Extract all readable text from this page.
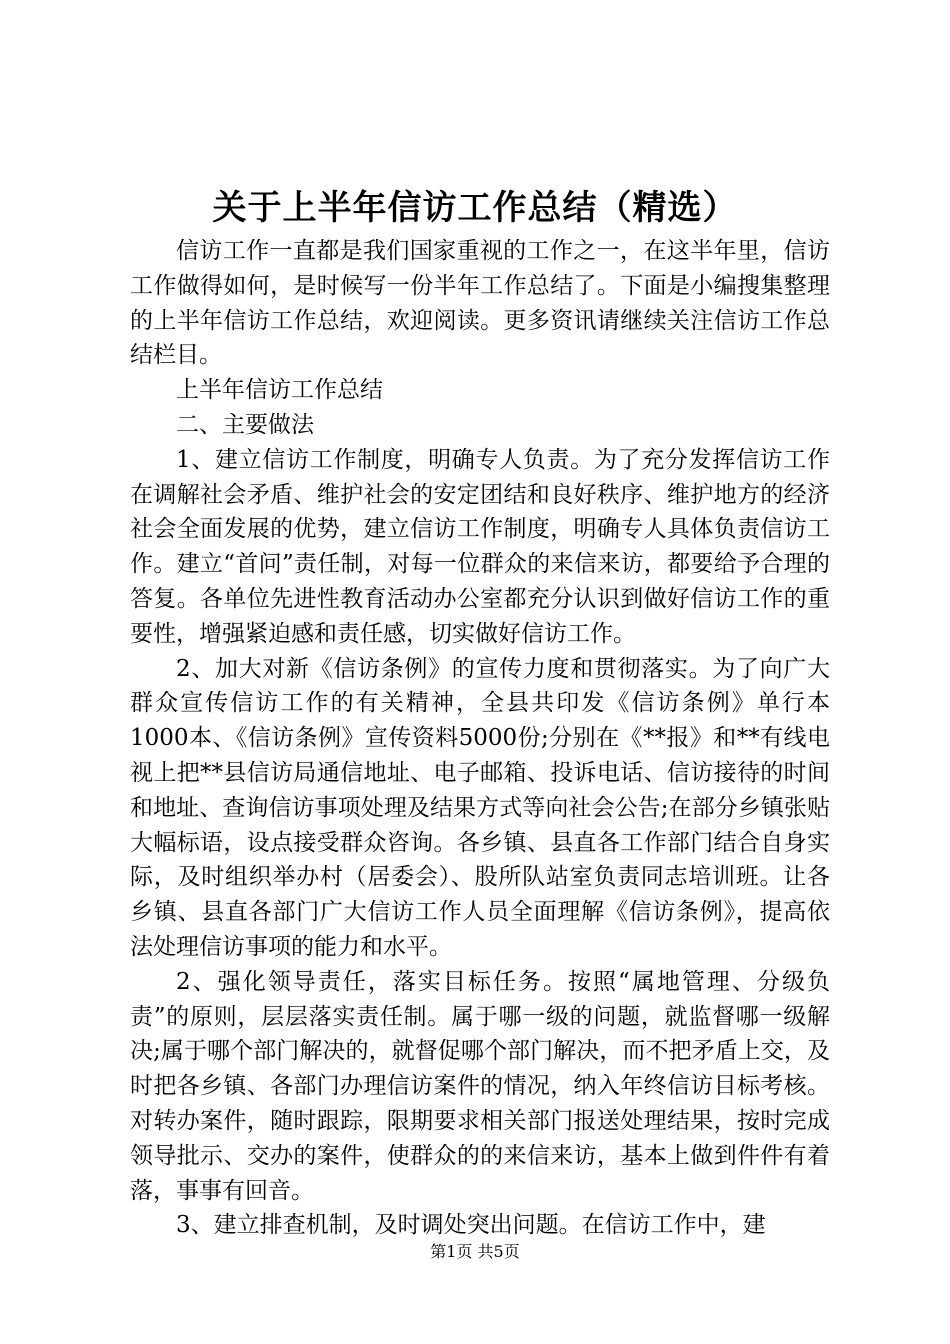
关于上半年信访工作总结（精选）

信访工作一直都是我们国家重视的工作之一，在这半年里，信访工作做得如何，是时候写一份半年工作总结了。下面是小编搜集整理的上半年信访工作总结，欢迎阅读。更多资讯请继续关注信访工作总结栏目。

上半年信访工作总结

二、主要做法

1、建立信访工作制度，明确专人负责。为了充分发挥信访工作在调解社会矛盾、维护社会的安定团结和良好秩序、维护地方的经济社会全面发展的优势，建立信访工作制度，明确专人具体负责信访工作。建立“首问”责任制，对每一位群众的来信来访，都要给予合理的答复。各单位先进性教育活动办公室都充分认识到做好信访工作的重要性，增强紧迫感和责任感，切实做好信访工作。

2、加大对新《信访条例》的宣传力度和贯彻落实。为了向广大群众宣传信访工作的有关精神，全县共印发《信访条例》单行本1000本、《信访条例》宣传资料5000份;分别在《**报》和**有线电视上把**县信访局通信地址、电子邮箱、投诉电话、信访接待的时间和地址、查询信访事项处理及结果方式等向社会公告;在部分乡镇张贴大幅标语，设点接受群众咨询。各乡镇、县直各工作部门结合自身实际，及时组织举办村（居委会）、股所队站室负责同志培训班。让各乡镇、县直各部门广大信访工作人员全面理解《信访条例》，提高依法处理信访事项的能力和水平。

2、强化领导责任，落实目标任务。按照“属地管理、分级负责”的原则，层层落实责任制。属于哪一级的问题，就监督哪一级解决;属于哪个部门解决的，就督促哪个部门解决，而不把矛盾上交，及时把各乡镇、各部门办理信访案件的情况，纳入年终信访目标考核。对转办案件，随时跟踪，限期要求相关部门报送处理结果，按时完成领导批示、交办的案件，使群众的的来信来访，基本上做到件件有着落，事事有回音。

3、建立排查机制，及时调处突出问题。在信访工作中，建

第1页 共5页
